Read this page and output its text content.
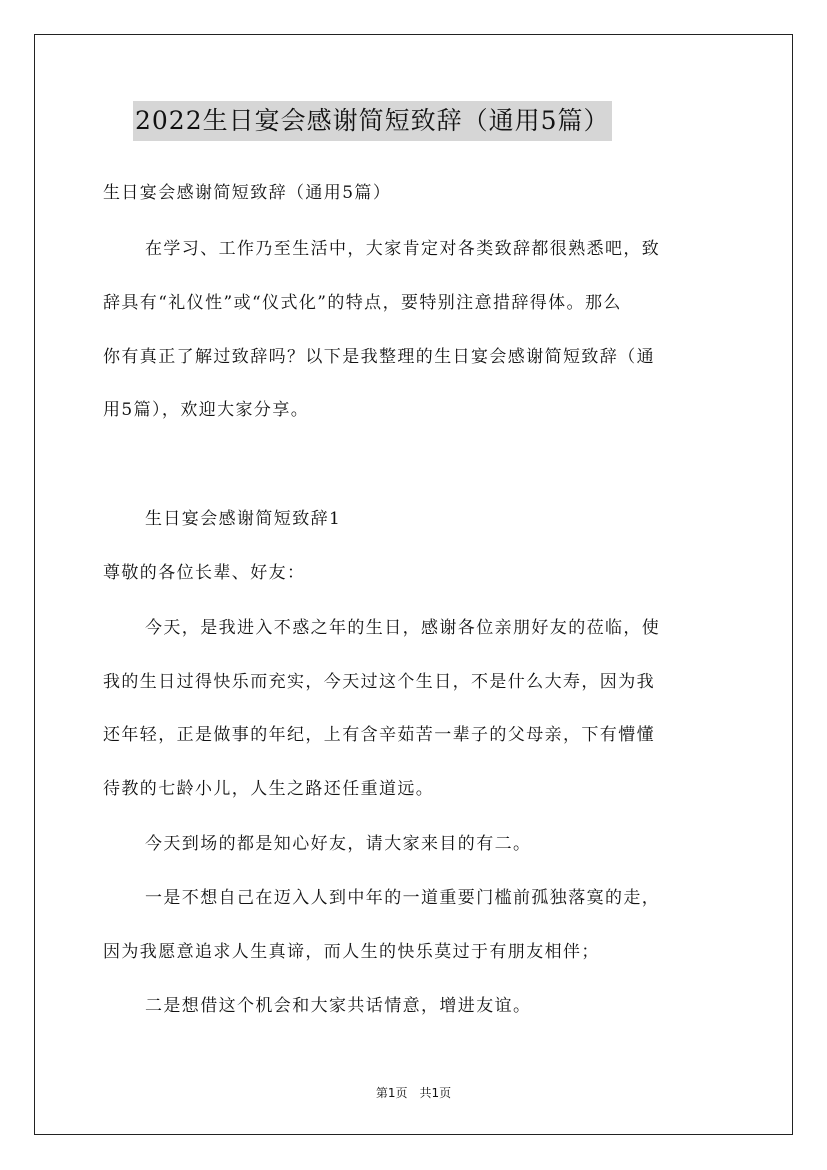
2022生日宴会感谢简短致辞（通用5篇）
生日宴会感谢简短致辞（通用5篇）
在学习、工作乃至生活中，大家肯定对各类致辞都很熟悉吧，致
辞具有“礼仪性”或“仪式化”的特点，要特别注意措辞得体。那么
你有真正了解过致辞吗？以下是我整理的生日宴会感谢简短致辞（通
用5篇），欢迎大家分享。
生日宴会感谢简短致辞1
尊敬的各位长辈、好友：
今天，是我进入不惑之年的生日，感谢各位亲朋好友的莅临，使
我的生日过得快乐而充实，今天过这个生日，不是什么大寿，因为我
还年轻，正是做事的年纪，上有含辛茹苦一辈子的父母亲，下有懵懂
待教的七龄小儿，人生之路还任重道远。
今天到场的都是知心好友，请大家来目的有二。
一是不想自己在迈入人到中年的一道重要门槛前孤独落寞的走，
因为我愿意追求人生真谛，而人生的快乐莫过于有朋友相伴；
二是想借这个机会和大家共话情意，增进友谊。
第1页 共1页
